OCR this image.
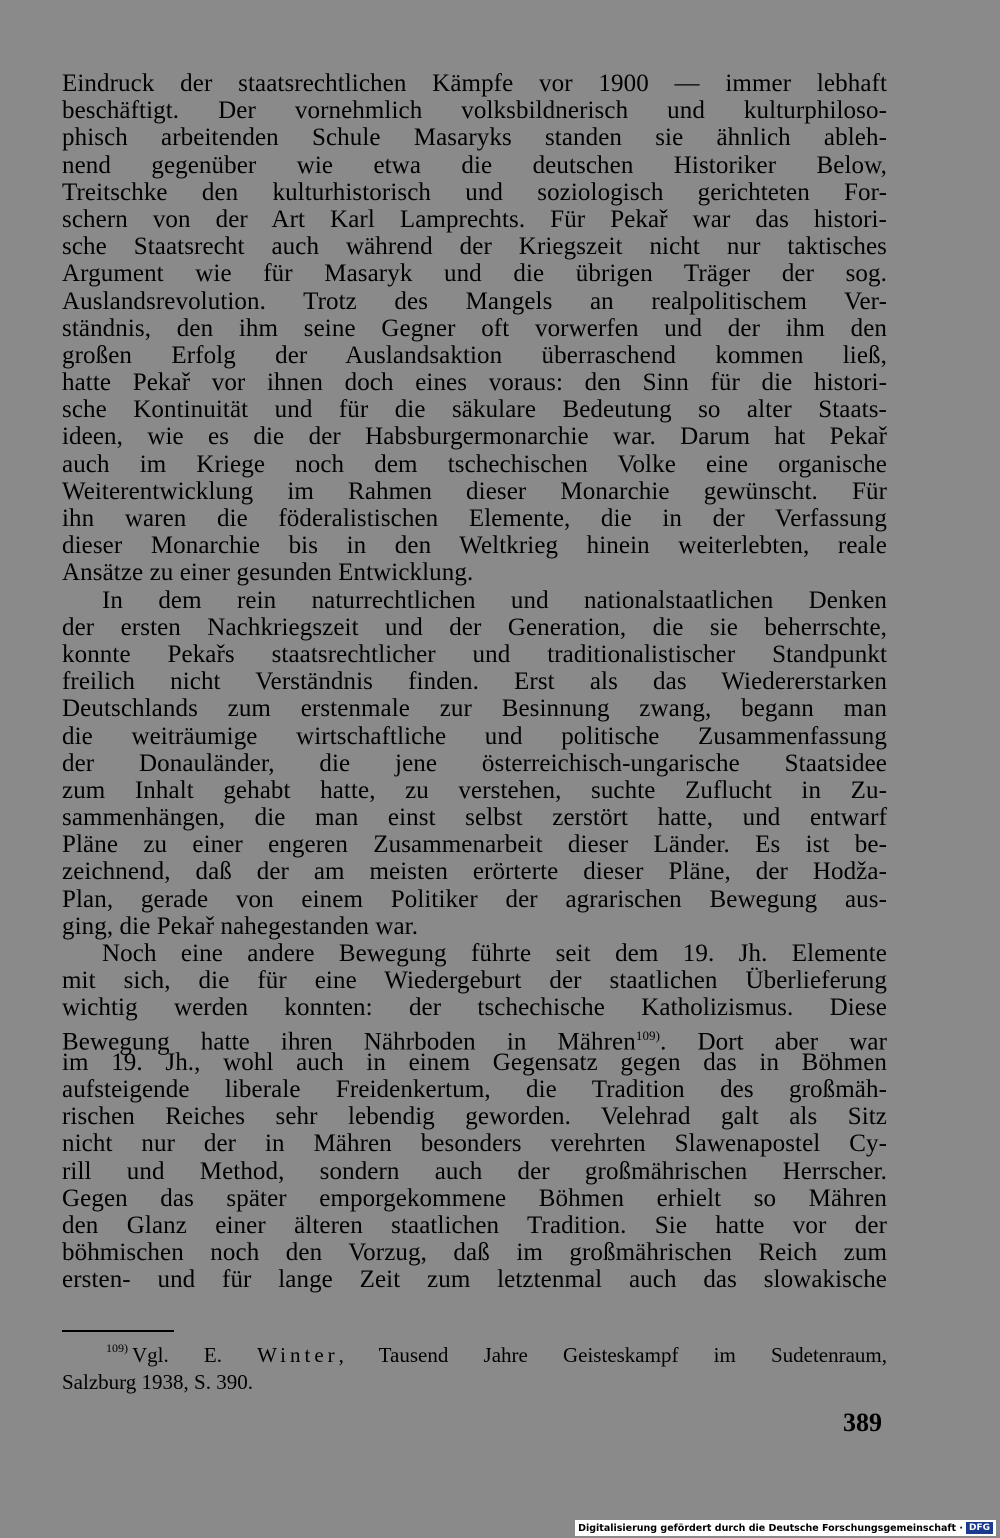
Eindruck der staatsrechtlichen Kämpfe vor 1900 — immer lebhaft
beschäftigt. Der vornehmlich volksbildnerisch und kulturphiloso-
phisch arbeitenden Schule Masaryks standen sie ähnlich ableh-
nend gegenüber wie etwa die deutschen Historiker Below,
Treitschke den kulturhistorisch und soziologisch gerichteten For-
schern von der Art Karl Lamprechts. Für Pekař war das histori-
sche Staatsrecht auch während der Kriegszeit nicht nur taktisches
Argument wie für Masaryk und die übrigen Träger der sog.
Auslandsrevolution. Trotz des Mangels an realpolitischem Ver-
ständnis, den ihm seine Gegner oft vorwerfen und der ihm den
großen Erfolg der Auslandsaktion überraschend kommen ließ,
hatte Pekař vor ihnen doch eines voraus: den Sinn für die histori-
sche Kontinuität und für die säkulare Bedeutung so alter Staats-
ideen, wie es die der Habsburgermonarchie war. Darum hat Pekař
auch im Kriege noch dem tschechischen Volke eine organische
Weiterentwicklung im Rahmen dieser Monarchie gewünscht. Für
ihn waren die föderalistischen Elemente, die in der Verfassung
dieser Monarchie bis in den Weltkrieg hinein weiterlebten, reale
Ansätze zu einer gesunden Entwicklung.
In dem rein naturrechtlichen und nationalstaatlichen Denken
der ersten Nachkriegszeit und der Generation, die sie beherrschte,
konnte Pekařs staatsrechtlicher und traditionalistischer Standpunkt
freilich nicht Verständnis finden. Erst als das Wiedererstarken
Deutschlands zum erstenmale zur Besinnung zwang, begann man
die weiträumige wirtschaftliche und politische Zusammenfassung
der Donauländer, die jene österreichisch-ungarische Staatsidee
zum Inhalt gehabt hatte, zu verstehen, suchte Zuflucht in Zu-
sammenhängen, die man einst selbst zerstört hatte, und entwarf
Pläne zu einer engeren Zusammenarbeit dieser Länder. Es ist be-
zeichnend, daß der am meisten erörterte dieser Pläne, der Hodža-
Plan, gerade von einem Politiker der agrarischen Bewegung aus-
ging, die Pekař nahegestanden war.
Noch eine andere Bewegung führte seit dem 19. Jh. Elemente
mit sich, die für eine Wiedergeburt der staatlichen Überlieferung
wichtig werden konnten: der tschechische Katholizismus. Diese
Bewegung hatte ihren Nährboden in Mähren$^{109)}$. Dort aber war
im 19. Jh., wohl auch in einem Gegensatz gegen das in Böhmen
aufsteigende liberale Freidenkertum, die Tradition des großmäh-
rischen Reiches sehr lebendig geworden. Velehrad galt als Sitz
nicht nur der in Mähren besonders verehrten Slawenapostel Cy-
rill und Method, sondern auch der großmährischen Herrscher.
Gegen das später emporgekommene Böhmen erhielt so Mähren
den Glanz einer älteren staatlichen Tradition. Sie hatte vor der
böhmischen noch den Vorzug, daß im großmährischen Reich zum
ersten- und für lange Zeit zum letztenmal auch das slowakische
$^{109)}$ Vgl. E. Winter, Tausend Jahre Geisteskampf im Sudetenraum,
Salzburg 1938, S. 390.
389
Digitalisierung gefördert durch die Deutsche Forschungsgemeinschaft · DFG
